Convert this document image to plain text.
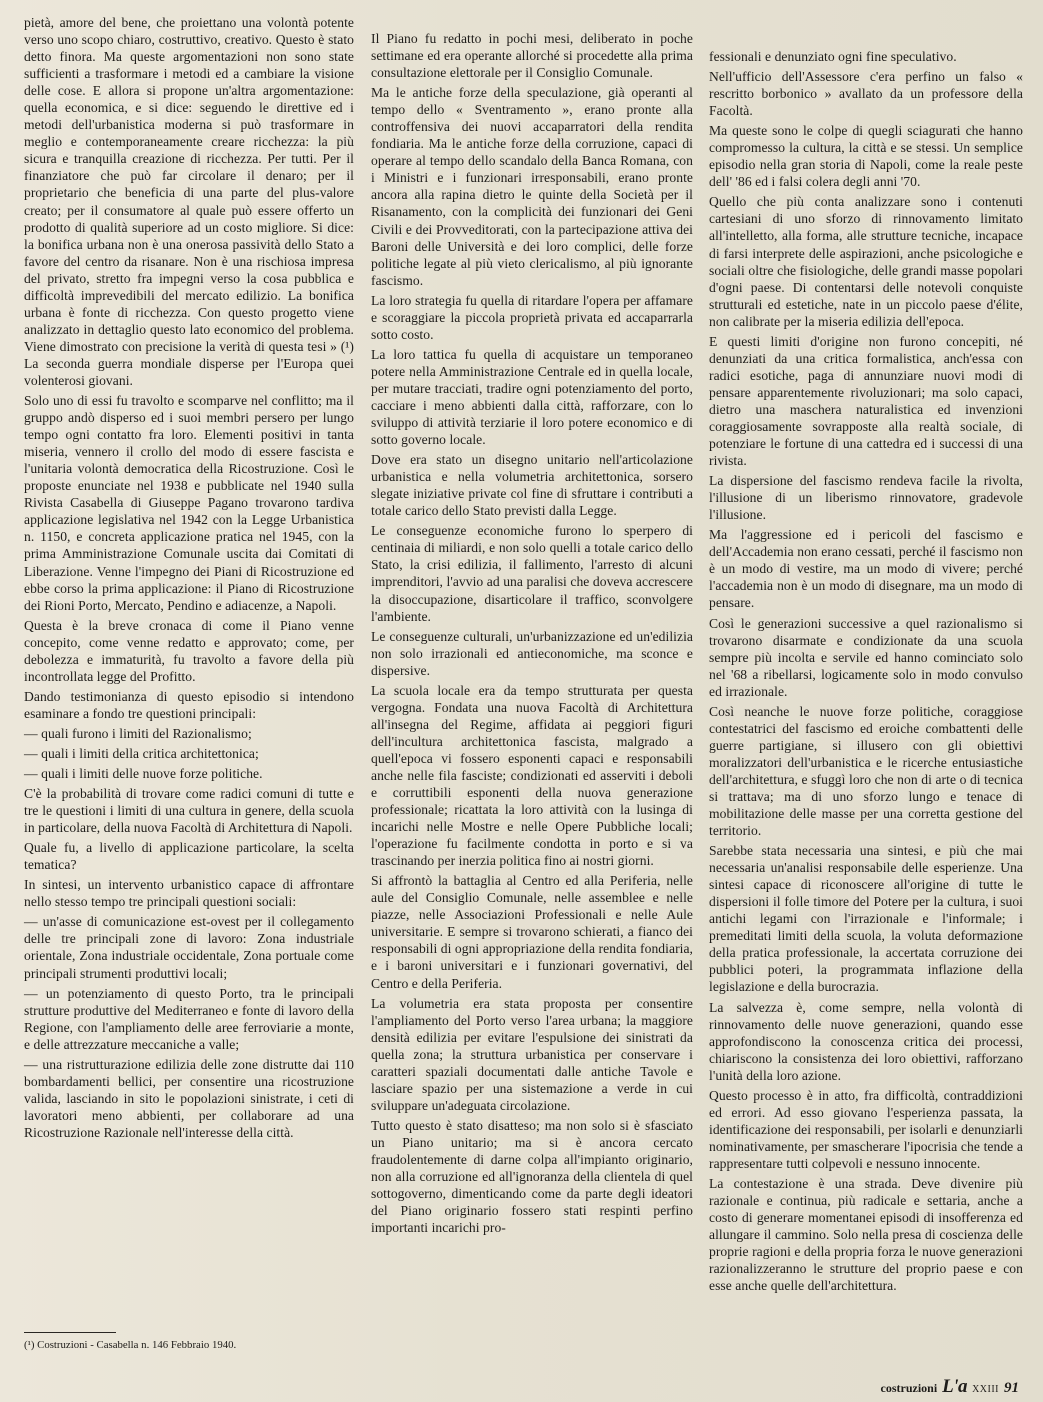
pietà, amore del bene, che proiettano una volontà potente verso uno scopo chiaro, costruttivo, creativo. Questo è stato detto finora. Ma queste argomentazioni non sono state sufficienti a trasformare i metodi ed a cambiare la visione delle cose. E allora si propone un'altra argomentazione: quella economica, e si dice: seguendo le direttive ed i metodi dell'urbanistica moderna si può trasformare in meglio e contemporaneamente creare ricchezza: la più sicura e tranquilla creazione di ricchezza. Per tutti. Per il finanziatore che può far circolare il denaro; per il proprietario che beneficia di una parte del plus-valore creato; per il consumatore al quale può essere offerto un prodotto di qualità superiore ad un costo migliore. Si dice: la bonifica urbana non è una onerosa passività dello Stato a favore del centro da risanare. Non è una rischiosa impresa del privato, stretto fra impegni verso la cosa pubblica e difficoltà imprevedibili del mercato edilizio. La bonifica urbana è fonte di ricchezza. Con questo progetto viene analizzato in dettaglio questo lato economico del problema. Viene dimostrato con precisione la verità di questa tesi » (¹) La seconda guerra mondiale disperse per l'Europa quei volenterosi giovani.

Solo uno di essi fu travolto e scomparve nel conflitto; ma il gruppo andò disperso ed i suoi membri persero per lungo tempo ogni contatto fra loro. Elementi positivi in tanta miseria, vennero il crollo del modo di essere fascista e l'unitaria volontà democratica della Ricostruzione. Così le proposte enunciate nel 1938 e pubblicate nel 1940 sulla Rivista Casabella di Giuseppe Pagano trovarono tardiva applicazione legislativa nel 1942 con la Legge Urbanistica n. 1150, e concreta applicazione pratica nel 1945, con la prima Amministrazione Comunale uscita dai Comitati di Liberazione. Venne l'impegno dei Piani di Ricostruzione ed ebbe corso la prima applicazione: il Piano di Ricostruzione dei Rioni Porto, Mercato, Pendino e adiacenze, a Napoli.

Questa è la breve cronaca di come il Piano venne concepito, come venne redatto e approvato; come, per debolezza e immaturità, fu travolto a favore della più incontrollata legge del Profitto.

Dando testimonianza di questo episodio si intendono esaminare a fondo tre questioni principali:

— quali furono i limiti del Razionalismo;

— quali i limiti della critica architettonica;

— quali i limiti delle nuove forze politiche.

C'è la probabilità di trovare come radici comuni di tutte e tre le questioni i limiti di una cultura in genere, della scuola in particolare, della nuova Facoltà di Architettura di Napoli.

Quale fu, a livello di applicazione particolare, la scelta tematica?

In sintesi, un intervento urbanistico capace di affrontare nello stesso tempo tre principali questioni sociali:

— un'asse di comunicazione est-ovest per il collegamento delle tre principali zone di lavoro: Zona industriale orientale, Zona industriale occidentale, Zona portuale come principali strumenti produttivi locali;

— un potenziamento di questo Porto, tra le principali strutture produttive del Mediterraneo e fonte di lavoro della Regione, con l'ampliamento delle aree ferroviarie a monte, e delle attrezzature meccaniche a valle;

— una ristrutturazione edilizia delle zone distrutte dai 110 bombardamenti bellici, per consentire una ricostruzione valida, lasciando in sito le popolazioni sinistrate, i ceti di lavoratori meno abbienti, per collaborare ad una Ricostruzione Razionale nell'interesse della città.

Il Piano fu redatto in pochi mesi, deliberato in poche settimane ed era operante allorché si procedette alla prima consultazione elettorale per il Consiglio Comunale.

Ma le antiche forze della speculazione, già operanti al tempo dello « Sventramento », erano pronte alla controffensiva dei nuovi accaparratori della rendita fondiaria. Ma le antiche forze della corruzione, capaci di operare al tempo dello scandalo della Banca Romana, con i Ministri e i funzionari irresponsabili, erano pronte ancora alla rapina dietro le quinte della Società per il Risanamento, con la complicità dei funzionari dei Geni Civili e dei Provveditorati, con la partecipazione attiva dei Baroni delle Università e dei loro complici, delle forze politiche legate al più vieto clericalismo, al più ignorante fascismo.

La loro strategia fu quella di ritardare l'opera per affamare e scoraggiare la piccola proprietà privata ed accaparrarla sotto costo.

La loro tattica fu quella di acquistare un temporaneo potere nella Amministrazione Centrale ed in quella locale, per mutare tracciati, tradire ogni potenziamento del porto, cacciare i meno abbienti dalla città, rafforzare, con lo sviluppo di attività terziarie il loro potere economico e di sotto governo locale.

Dove era stato un disegno unitario nell'articolazione urbanistica e nella volumetria architettonica, sorsero slegate iniziative private col fine di sfruttare i contributi a totale carico dello Stato previsti dalla Legge.

Le conseguenze economiche furono lo sperpero di centinaia di miliardi, e non solo quelli a totale carico dello Stato, la crisi edilizia, il fallimento, l'arresto di alcuni imprenditori, l'avvio ad una paralisi che doveva accrescere la disoccupazione, disarticolare il traffico, sconvolgere l'ambiente.

Le conseguenze culturali, un'urbanizzazione ed un'edilizia non solo irrazionali ed antieconomiche, ma sconce e dispersive.

La scuola locale era da tempo strutturata per questa vergogna. Fondata una nuova Facoltà di Architettura all'insegna del Regime, affidata ai peggiori figuri dell'incultura architettonica fascista, malgrado a quell'epoca vi fossero esponenti capaci e responsabili anche nelle fila fasciste; condizionati ed asserviti i deboli e corruttibili esponenti della nuova generazione professionale; ricattata la loro attività con la lusinga di incarichi nelle Mostre e nelle Opere Pubbliche locali; l'operazione fu facilmente condotta in porto e si va trascinando per inerzia politica fino ai nostri giorni.

Si affrontò la battaglia al Centro ed alla Periferia, nelle aule del Consiglio Comunale, nelle assemblee e nelle piazze, nelle Associazioni Professionali e nelle Aule universitarie. E sempre si trovarono schierati, a fianco dei responsabili di ogni appropriazione della rendita fondiaria, e i baroni universitari e i funzionari governativi, del Centro e della Periferia.

La volumetria era stata proposta per consentire l'ampliamento del Porto verso l'area urbana; la maggiore densità edilizia per evitare l'espulsione dei sinistrati da quella zona; la struttura urbanistica per conservare i caratteri spaziali documentati dalle antiche Tavole e lasciare spazio per una sistemazione a verde in cui sviluppare un'adeguata circolazione.

Tutto questo è stato disatteso; ma non solo si è sfasciato un Piano unitario; ma si è ancora cercato fraudolentemente di darne colpa all'impianto originario, non alla corruzione ed all'ignoranza della clientela di quel sottogoverno, dimenticando come da parte degli ideatori del Piano originario fossero stati respinti perfino importanti incarichi pro-

fessionali e denunziato ogni fine speculativo.

Nell'ufficio dell'Assessore c'era perfino un falso « rescritto borbonico » avallato da un professore della Facoltà.

Ma queste sono le colpe di quegli sciagurati che hanno compromesso la cultura, la città e se stessi. Un semplice episodio nella gran storia di Napoli, come la reale peste dell' '86 ed i falsi colera degli anni '70.

Quello che più conta analizzare sono i contenuti cartesiani di uno sforzo di rinnovamento limitato all'intelletto, alla forma, alle strutture tecniche, incapace di farsi interprete delle aspirazioni, anche psicologiche e sociali oltre che fisiologiche, delle grandi masse popolari d'ogni paese. Di contentarsi delle notevoli conquiste strutturali ed estetiche, nate in un piccolo paese d'élite, non calibrate per la miseria edilizia dell'epoca.

E questi limiti d'origine non furono concepiti, né denunziati da una critica formalistica, anch'essa con radici esotiche, paga di annunziare nuovi modi di pensare apparentemente rivoluzionari; ma solo capaci, dietro una maschera naturalistica ed invenzioni coraggiosamente sovrapposte alla realtà sociale, di potenziare le fortune di una cattedra ed i successi di una rivista.

La dispersione del fascismo rendeva facile la rivolta, l'illusione di un liberismo rinnovatore, gradevole l'illusione.

Ma l'aggressione ed i pericoli del fascismo e dell'Accademia non erano cessati, perché il fascismo non è un modo di vestire, ma un modo di vivere; perché l'accademia non è un modo di disegnare, ma un modo di pensare.

Così le generazioni successive a quel razionalismo si trovarono disarmate e condizionate da una scuola sempre più incolta e servile ed hanno cominciato solo nel '68 a ribellarsi, logicamente solo in modo convulso ed irrazionale.

Così neanche le nuove forze politiche, coraggiose contestatrici del fascismo ed eroiche combattenti delle guerre partigiane, si illusero con gli obiettivi moralizzatori dell'urbanistica e le ricerche entusiastiche dell'architettura, e sfuggì loro che non di arte o di tecnica si trattava; ma di uno sforzo lungo e tenace di mobilitazione delle masse per una corretta gestione del territorio.

Sarebbe stata necessaria una sintesi, e più che mai necessaria un'analisi responsabile delle esperienze. Una sintesi capace di riconoscere all'origine di tutte le dispersioni il folle timore del Potere per la cultura, i suoi antichi legami con l'irrazionale e l'informale; i premeditati limiti della scuola, la voluta deformazione della pratica professionale, la accertata corruzione dei pubblici poteri, la programmata inflazione della legislazione e della burocrazia.

La salvezza è, come sempre, nella volontà di rinnovamento delle nuove generazioni, quando esse approfondiscono la conoscenza critica dei processi, chiariscono la consistenza dei loro obiettivi, rafforzano l'unità della loro azione.

Questo processo è in atto, fra difficoltà, contraddizioni ed errori. Ad esso giovano l'esperienza passata, la identificazione dei responsabili, per isolarli e denunziarli nominativamente, per smascherare l'ipocrisia che tende a rappresentare tutti colpevoli e nessuno innocente.

La contestazione è una strada. Deve divenire più razionale e continua, più radicale e settaria, anche a costo di generare momentanei episodi di insofferenza ed allungare il cammino. Solo nella presa di coscienza delle proprie ragioni e della propria forza le nuove generazioni razionalizzeranno le strutture del proprio paese e con esse anche quelle dell'architettura.

(¹) Costruzioni - Casabella n. 146 Febbraio 1940.
costruzioni L'a XXIII 91
